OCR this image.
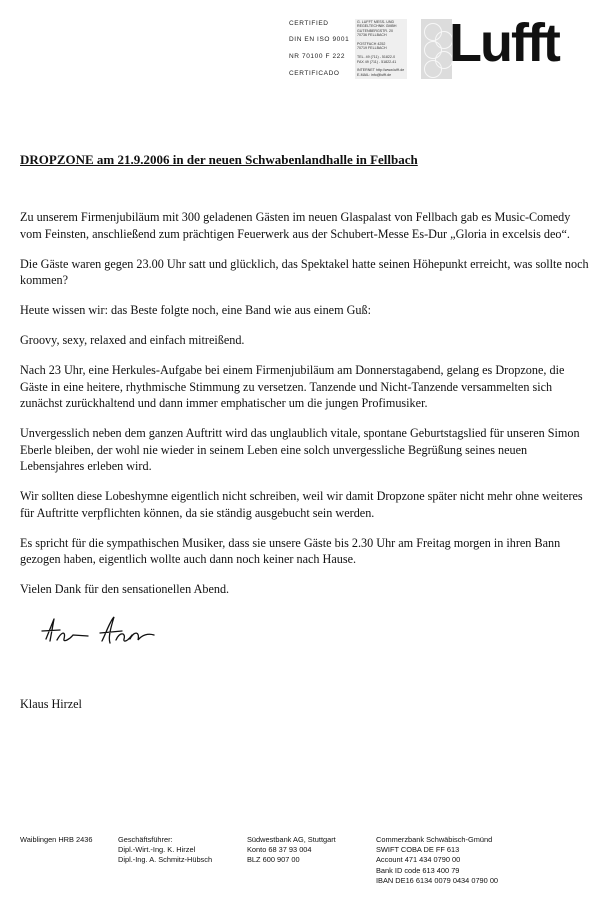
CERTIFIED
DIN EN ISO 9001
NR 70100 F 222
CERTIFICADO
G. LUFFT MESS- UND
REGELTECHNIK GMBH
GUTENBERGSTR. 20
70736 FELLBACH

POSTFACH 4252
70719 FELLBACH

TEL. 49 (711) - 51822-0
FAX 49 (711) - 51822-41

INTERNET http://www.lufft.de
E-MAIL: info@lufft.de
Lufft
DROPZONE am 21.9.2006 in der neuen Schwabenlandhalle in Fellbach

Zu unserem Firmenjubiläum mit 300 geladenen Gästen im neuen Glaspalast von Fellbach gab es Music-Comedy vom Feinsten, anschließend zum prächtigen Feuerwerk aus der Schubert-Messe Es-Dur „Gloria in excelsis deo“.

Die Gäste waren gegen 23.00 Uhr satt und glücklich, das Spektakel hatte seinen Höhepunkt erreicht, was sollte noch kommen?

Heute wissen wir: das Beste folgte noch, eine Band wie aus einem Guß:

Groovy, sexy, relaxed and einfach mitreißend.

Nach 23 Uhr, eine Herkules-Aufgabe bei einem Firmenjubiläum am Donnerstagabend, gelang es Dropzone, die Gäste in eine heitere, rhythmische Stimmung zu versetzen. Tanzende und Nicht-Tanzende versammelten sich zunächst zurückhaltend und dann immer emphatischer um die jungen Profimusiker.

Unvergesslich neben dem ganzen Auftritt wird das unglaublich vitale, spontane Geburtstagslied für unseren Simon Eberle bleiben, der wohl nie wieder in seinem Leben eine solch unvergessliche Begrüßung seines neuen Lebensjahres erleben wird.

Wir sollten diese Lobeshymne eigentlich nicht schreiben, weil wir damit Dropzone später nicht mehr ohne weiteres für Auftritte verpflichten können, da sie ständig ausgebucht sein werden.

Es spricht für die sympathischen Musiker, dass sie unsere Gäste bis 2.30 Uhr am Freitag morgen in ihren Bann gezogen haben, eigentlich wollte auch dann noch keiner nach Hause.

Vielen Dank für den sensationellen Abend.

Klaus Hirzel
Waiblingen HRB 2436	Geschäftsführer:
Dipl.-Wirt.-Ing. K. Hirzel
Dipl.-Ing. A. Schmitz-Hübsch
Südwestbank AG, Stuttgart
Konto 68 37 93 004
BLZ 600 907 00
Commerzbank Schwäbisch-Gmünd
SWIFT COBA DE FF 613
Account 471 434 0790 00
Bank ID code 613 400 79
IBAN DE16 6134 0079 0434 0790 00
